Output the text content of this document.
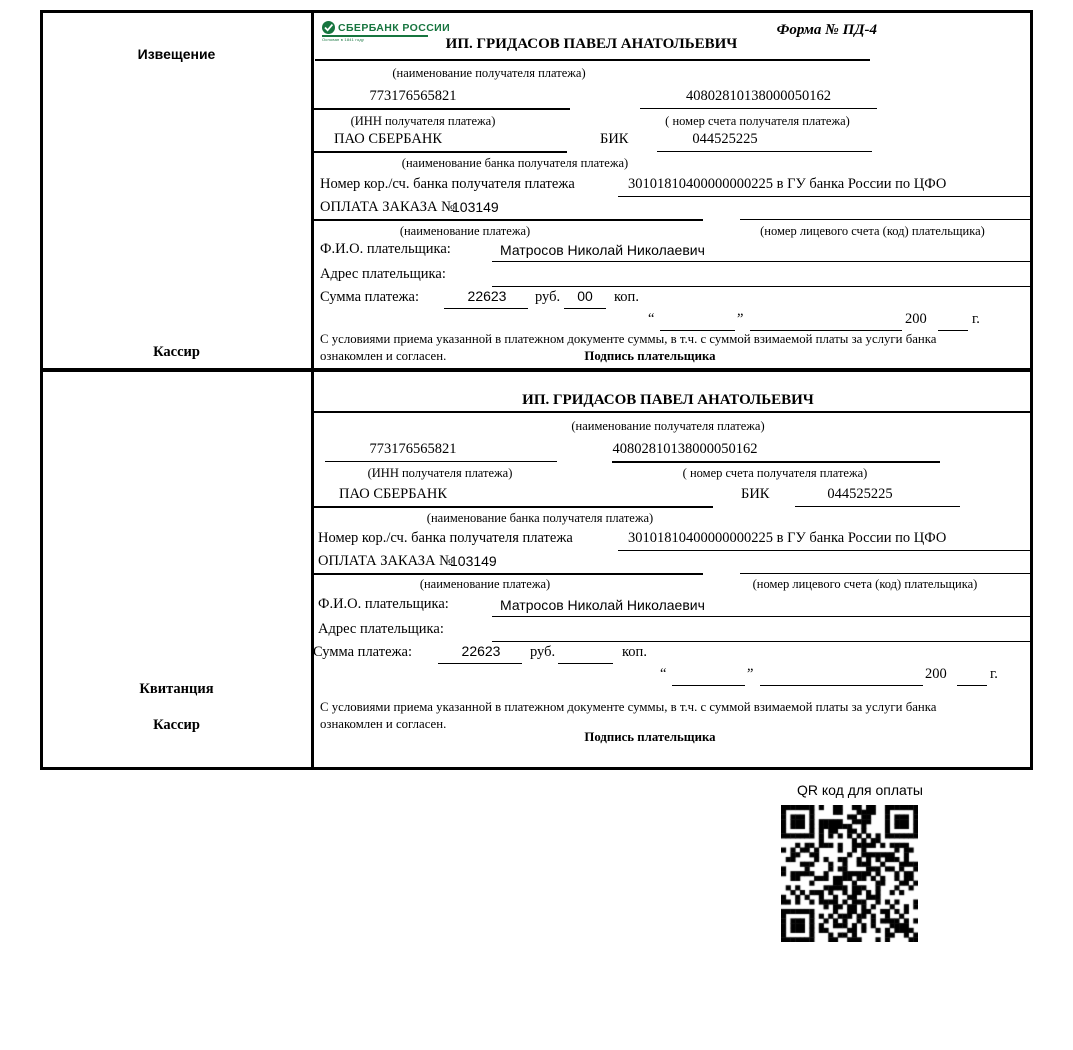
Извещение
Кассир
СБЕРБАНК РОССИИ
Основан в 1841 году
Форма № ПД-4
ИП. ГРИДАСОВ ПАВЕЛ АНАТОЛЬЕВИЧ
(наименование получателя платежа)
773176565821	40802810138000050162
(ИНН получателя платежа)	( номер счета получателя платежа)
ПАО СБЕРБАНК	БИК	044525225
(наименование банка получателя платежа)
Номер кор./сч. банка получателя платежа	30101810400000000225 в ГУ банка России по ЦФО
ОПЛАТА ЗАКАЗА №
103149
(наименование платежа)	(номер лицевого счета (код) плательщика)
Ф.И.О. плательщика:	Матросов Николай Николаевич
Адрес плательщика:
Сумма платежа:	22623	руб.	00	коп.
“	”	200	г.
С условиями приема указанной в платежном документе суммы, в т.ч. с суммой взимаемой платы за услуги банка
ознакомлен и согласен.	Подпись плательщика
Квитанция
Кассир
ИП. ГРИДАСОВ ПАВЕЛ АНАТОЛЬЕВИЧ
(наименование получателя платежа)
773176565821	40802810138000050162
(ИНН получателя платежа)	( номер счета получателя платежа)
ПАО СБЕРБАНК	БИК	044525225
(наименование банка получателя платежа)
Номер кор./сч. банка получателя платежа	30101810400000000225 в ГУ банка России по ЦФО
ОПЛАТА ЗАКАЗА №
103149
(наименование платежа)	(номер лицевого счета (код) плательщика)
Ф.И.О. плательщика:	Матросов Николай Николаевич
Адрес плательщика:
Сумма платежа:	22623	руб.	коп.
“	”	200	г.
С условиями приема указанной в платежном документе суммы, в т.ч. с суммой взимаемой платы за услуги банка
ознакомлен и согласен.
Подпись плательщика
QR код для оплаты
